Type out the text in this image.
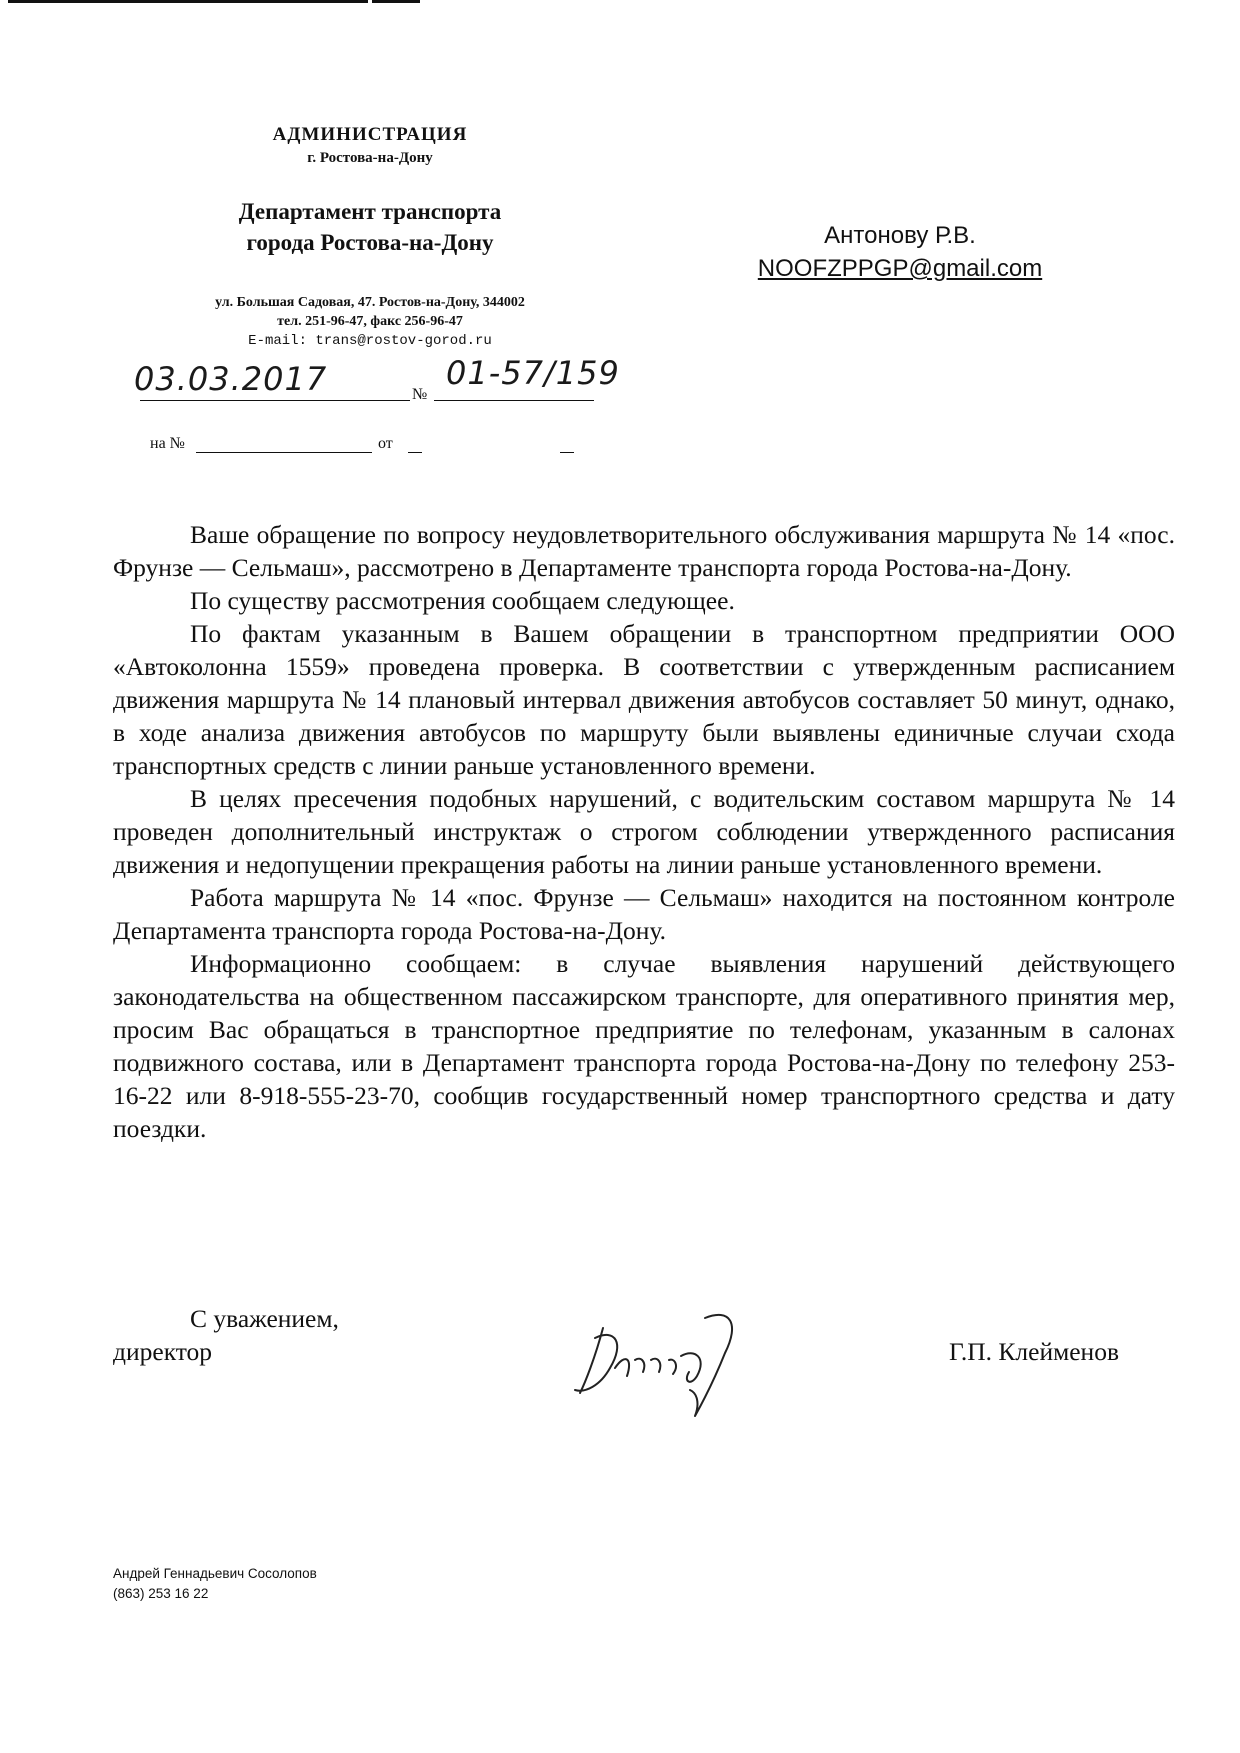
АДМИНИСТРАЦИЯ
г. Ростова-на-Дону
Департамент транспорта
города Ростова-на-Дону
ул. Большая Садовая, 47. Ростов-на-Дону, 344002
тел. 251-96-47, факс 256-96-47
E-mail: trans@rostov-gorod.ru
Антонову Р.В.
NOOFZPPGP@gmail.com
03.03.2017	№
01-57/159
на №	от

Ваше обращение по вопросу неудовлетворительного обслуживания маршрута № 14 «пос. Фрунзе — Сельмаш», рассмотрено в Департаменте транспорта города Ростова-на-Дону.

По существу рассмотрения сообщаем следующее.

По фактам указанным в Вашем обращении в транспортном предприятии ООО «Автоколонна 1559» проведена проверка. В соответствии с утвержденным расписанием движения маршрута № 14 плановый интервал движения автобусов составляет 50 минут, однако, в ходе анализа движения автобусов по маршруту были выявлены единичные случаи схода транспортных средств с линии раньше установленного времени.

В целях пресечения подобных нарушений, с водительским составом маршрута № 14 проведен дополнительный инструктаж о строгом соблюдении утвержденного расписания движения и недопущении прекращения работы на линии раньше установленного времени.

Работа маршрута № 14 «пос. Фрунзе — Сельмаш» находится на постоянном контроле Департамента транспорта города Ростова-на-Дону.

Информационно сообщаем: в случае выявления нарушений действующего законодательства на общественном пассажирском транспорте, для оперативного принятия мер, просим Вас обращаться в транспортное предприятие по телефонам, указанным в салонах подвижного состава, или в Департамент транспорта города Ростова-на-Дону по телефону 253-16-22 или 8-918-555-23-70, сообщив государственный номер транспортного средства и дату поездки.

С уважением,
директор	Г.П. Клейменов
Андрей Геннадьевич Сосолопов
(863) 253 16 22
